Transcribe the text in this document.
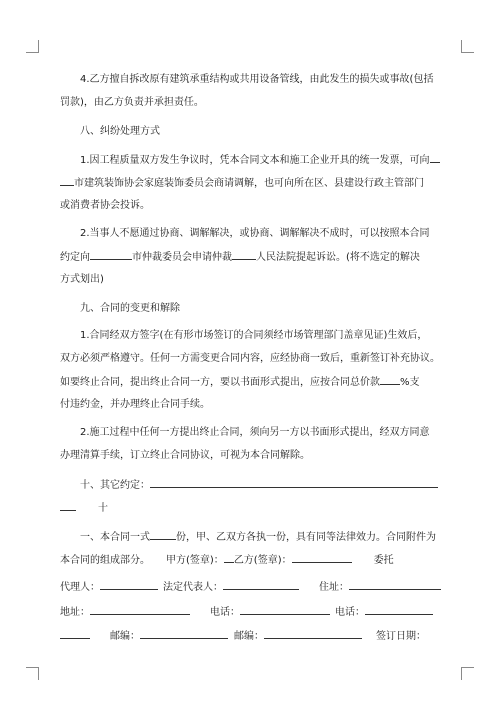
4.乙方擅自拆改原有建筑承重结构或共用设备管线，由此发生的损失或事故(包括
罚款)，由乙方负责并承担责任。
八、纠纷处理方式
1.因工程质量双方发生争议时，凭本合同文本和施工企业开具的统一发票，可向
市建筑装饰协会家庭装饰委员会商请调解，也可向所在区、县建设行政主管部门
或消费者协会投诉。
2.当事人不愿通过协商、调解解决，或协商、调解解决不成时，可以按照本合同
约定向	市仲裁委员会申请仲裁 人民法院提起诉讼。(将不选定的解决
方式划出)
九、合同的变更和解除
1.合同经双方签字(在有形市场签订的合同须经市场管理部门盖章见证)生效后，
双方必须严格遵守。任何一方需变更合同内容，应经协商一致后，重新签订补充协议。
如要终止合同，提出终止合同一方，要以书面形式提出，应按合同总价款 %支
付违约金，并办理终止合同手续。
2.施工过程中任何一方提出终止合同，须向另一方以书面形式提出，经双方同意
办理清算手续，订立终止合同协议，可视为本合同解除。
十、其它约定：
十
一、本合同一式	份，甲、乙双方各执一份，具有同等法律效力。合同附件为
本合同的组成部分。 甲方(签章)： 乙方(签章)：	委托
代理人：	法定代表人：	住址：
地址：	电话：	电话：
邮编：	邮编：	签订日期：
